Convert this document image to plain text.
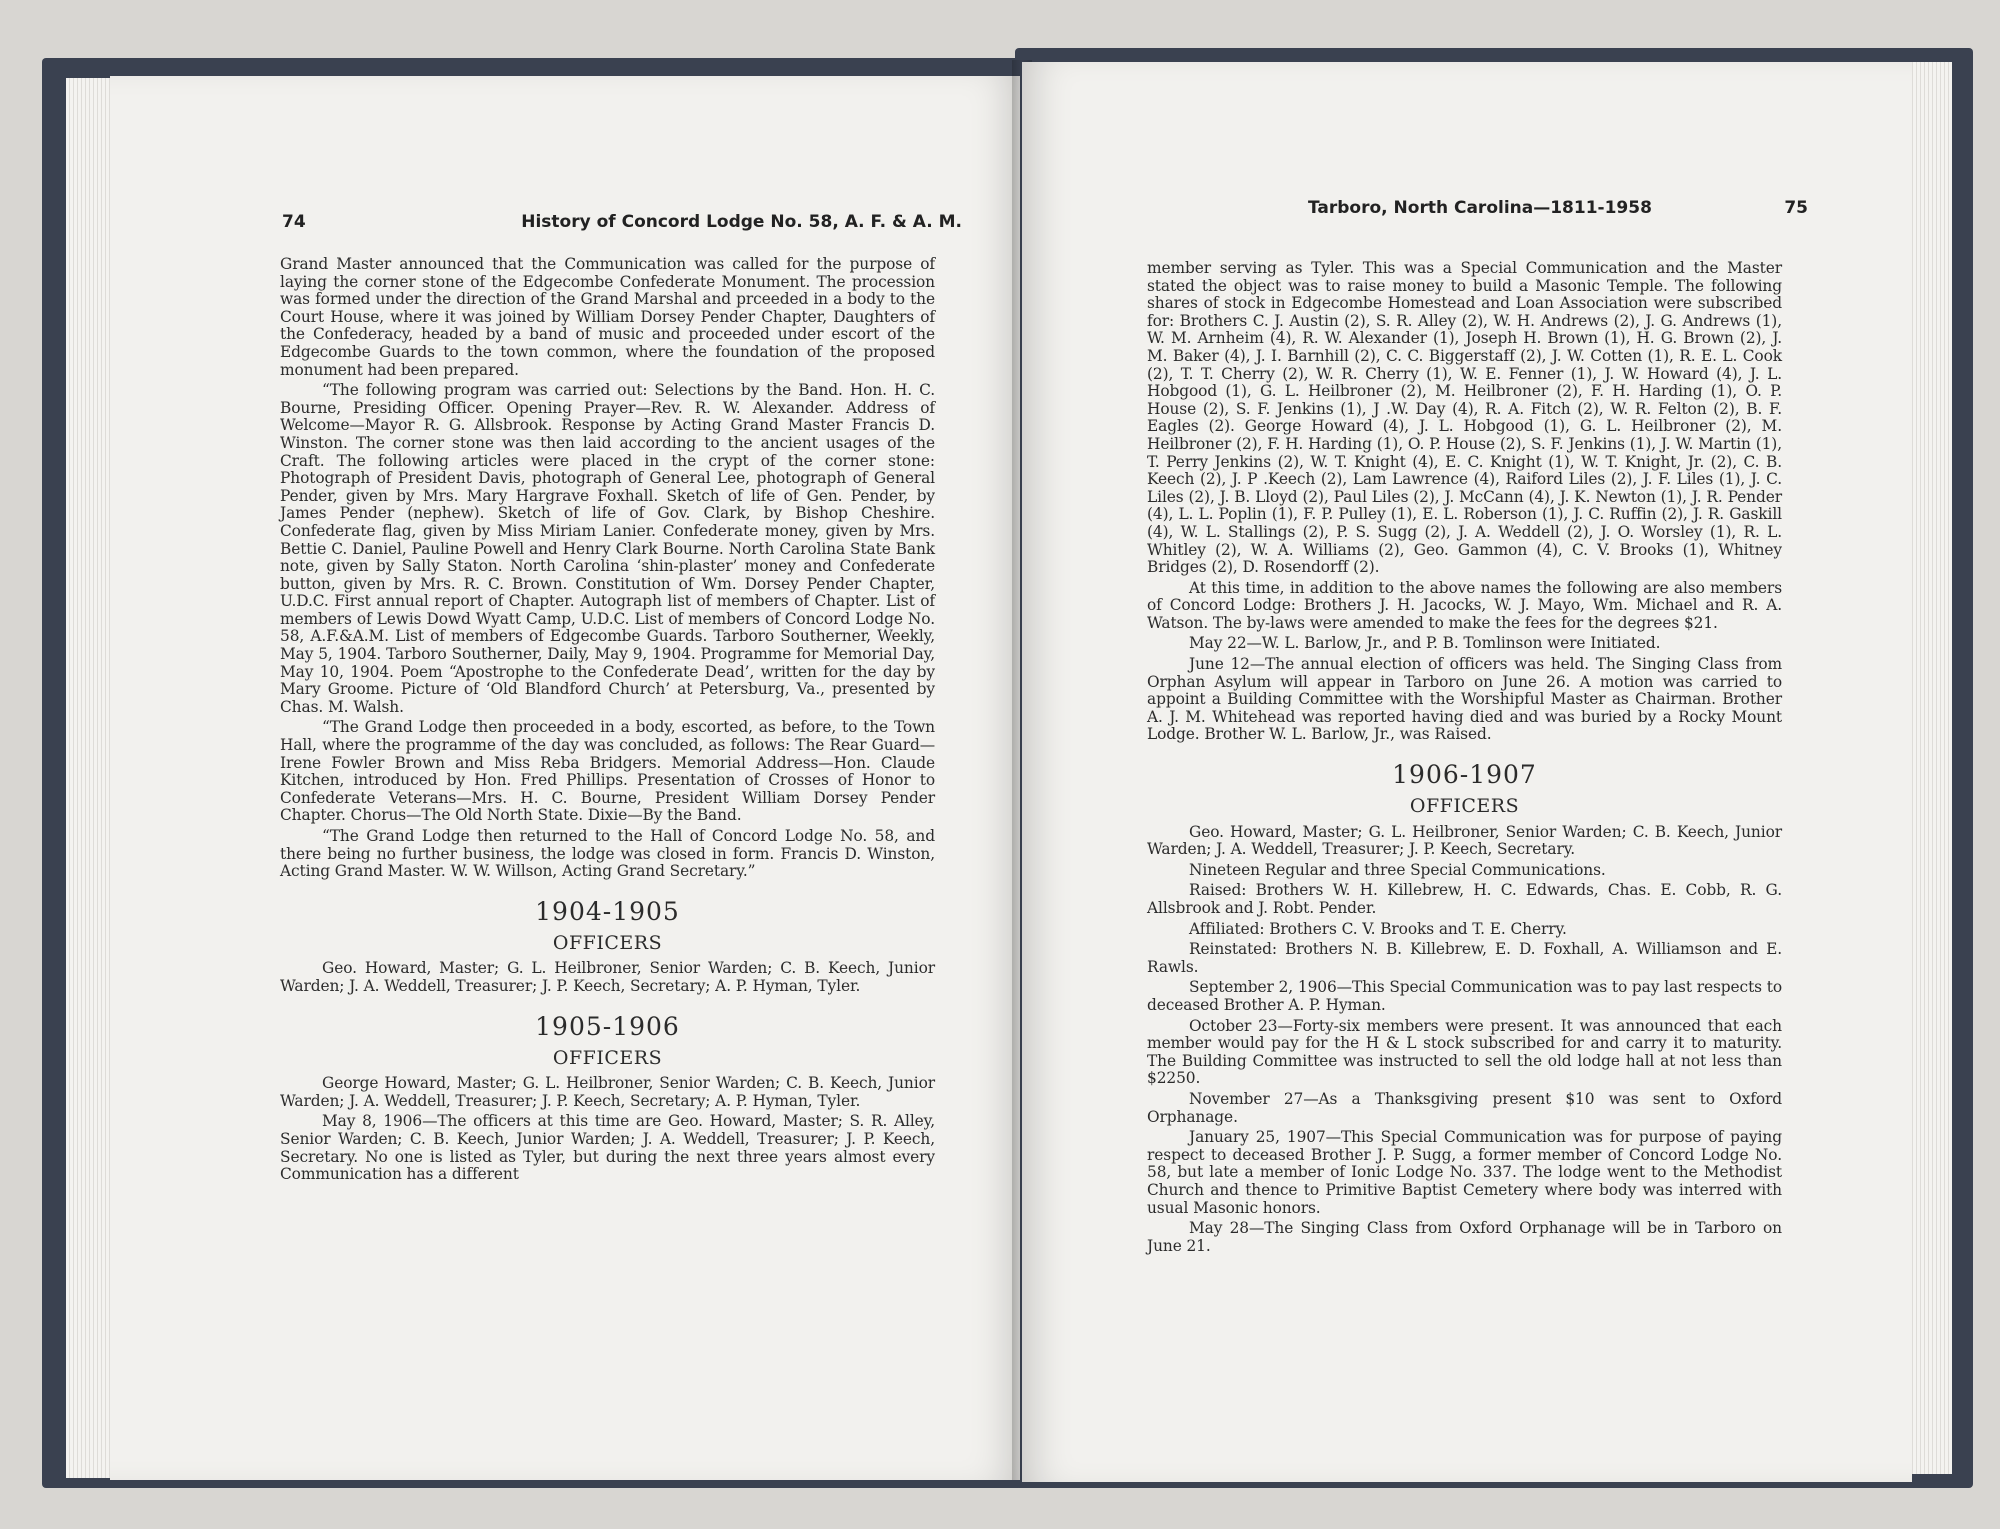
74	History of Concord Lodge No. 58, A. F. & A. M.

Grand Master announced that the Communication was called for the purpose of laying the corner stone of the Edgecombe Confederate Monument. The procession was formed under the direction of the Grand Marshal and prceeded in a body to the Court House, where it was joined by William Dorsey Pender Chapter, Daughters of the Confederacy, headed by a band of music and proceeded under escort of the Edgecombe Guards to the town common, where the foundation of the proposed monument had been prepared.

“The following program was carried out: Selections by the Band. Hon. H. C. Bourne, Presiding Officer. Opening Prayer—Rev. R. W. Alexander. Address of Welcome—Mayor R. G. Allsbrook. Response by Acting Grand Master Francis D. Winston. The corner stone was then laid according to the ancient usages of the Craft. The following articles were placed in the crypt of the corner stone: Photograph of President Davis, photograph of General Lee, photograph of General Pender, given by Mrs. Mary Hargrave Foxhall. Sketch of life of Gen. Pender, by James Pender (nephew). Sketch of life of Gov. Clark, by Bishop Cheshire. Confederate flag, given by Miss Miriam Lanier. Confederate money, given by Mrs. Bettie C. Daniel, Pauline Powell and Henry Clark Bourne. North Carolina State Bank note, given by Sally Staton. North Carolina ‘shin-plaster’ money and Confederate button, given by Mrs. R. C. Brown. Constitution of Wm. Dorsey Pender Chapter, U.D.C. First annual report of Chapter. Autograph list of members of Chapter. List of members of Lewis Dowd Wyatt Camp, U.D.C. List of members of Concord Lodge No. 58, A.F.&A.M. List of members of Edgecombe Guards. Tarboro Southerner, Weekly, May 5, 1904. Tarboro Southerner, Daily, May 9, 1904. Programme for Memorial Day, May 10, 1904. Poem “Apostrophe to the Confederate Dead’, written for the day by Mary Groome. Picture of ‘Old Blandford Church’ at Petersburg, Va., presented by Chas. M. Walsh.

“The Grand Lodge then proceeded in a body, escorted, as before, to the Town Hall, where the programme of the day was concluded, as follows: The Rear Guard—Irene Fowler Brown and Miss Reba Bridgers. Memorial Address—Hon. Claude Kitchen, introduced by Hon. Fred Phillips. Presentation of Crosses of Honor to Confederate Veterans—Mrs. H. C. Bourne, President William Dorsey Pender Chapter. Chorus—The Old North State. Dixie—By the Band.

“The Grand Lodge then returned to the Hall of Concord Lodge No. 58, and there being no further business, the lodge was closed in form. Francis D. Winston, Acting Grand Master. W. W. Willson, Acting Grand Secretary.”

1904-1905
OFFICERS

Geo. Howard, Master; G. L. Heilbroner, Senior Warden; C. B. Keech, Junior Warden; J. A. Weddell, Treasurer; J. P. Keech, Secretary; A. P. Hyman, Tyler.

1905-1906
OFFICERS

George Howard, Master; G. L. Heilbroner, Senior Warden; C. B. Keech, Junior Warden; J. A. Weddell, Treasurer; J. P. Keech, Secretary; A. P. Hyman, Tyler.

May 8, 1906—The officers at this time are Geo. Howard, Master; S. R. Alley, Senior Warden; C. B. Keech, Junior Warden; J. A. Weddell, Treasurer; J. P. Keech, Secretary. No one is listed as Tyler, but during the next three years almost every Communication has a different

Tarboro, North Carolina—1811-1958	75

member serving as Tyler. This was a Special Communication and the Master stated the object was to raise money to build a Masonic Temple. The following shares of stock in Edgecombe Homestead and Loan Association were subscribed for: Brothers C. J. Austin (2), S. R. Alley (2), W. H. Andrews (2), J. G. Andrews (1), W. M. Arnheim (4), R. W. Alexander (1), Joseph H. Brown (1), H. G. Brown (2), J. M. Baker (4), J. I. Barnhill (2), C. C. Biggerstaff (2), J. W. Cotten (1), R. E. L. Cook (2), T. T. Cherry (2), W. R. Cherry (1), W. E. Fenner (1), J. W. Howard (4), J. L. Hobgood (1), G. L. Heilbroner (2), M. Heilbroner (2), F. H. Harding (1), O. P. House (2), S. F. Jenkins (1), J .W. Day (4), R. A. Fitch (2), W. R. Felton (2), B. F. Eagles (2). George Howard (4), J. L. Hobgood (1), G. L. Heilbroner (2), M. Heilbroner (2), F. H. Harding (1), O. P. House (2), S. F. Jenkins (1), J. W. Martin (1), T. Perry Jenkins (2), W. T. Knight (4), E. C. Knight (1), W. T. Knight, Jr. (2), C. B. Keech (2), J. P .Keech (2), Lam Lawrence (4), Raiford Liles (2), J. F. Liles (1), J. C. Liles (2), J. B. Lloyd (2), Paul Liles (2), J. McCann (4), J. K. Newton (1), J. R. Pender (4), L. L. Poplin (1), F. P. Pulley (1), E. L. Roberson (1), J. C. Ruffin (2), J. R. Gaskill (4), W. L. Stallings (2), P. S. Sugg (2), J. A. Weddell (2), J. O. Worsley (1), R. L. Whitley (2), W. A. Williams (2), Geo. Gammon (4), C. V. Brooks (1), Whitney Bridges (2), D. Rosendorff (2).

At this time, in addition to the above names the following are also members of Concord Lodge: Brothers J. H. Jacocks, W. J. Mayo, Wm. Michael and R. A. Watson. The by-laws were amended to make the fees for the degrees $21.

May 22—W. L. Barlow, Jr., and P. B. Tomlinson were Initiated.

June 12—The annual election of officers was held. The Singing Class from Orphan Asylum will appear in Tarboro on June 26. A motion was carried to appoint a Building Committee with the Worshipful Master as Chairman. Brother A. J. M. Whitehead was reported having died and was buried by a Rocky Mount Lodge. Brother W. L. Barlow, Jr., was Raised.

1906-1907
OFFICERS

Geo. Howard, Master; G. L. Heilbroner, Senior Warden; C. B. Keech, Junior Warden; J. A. Weddell, Treasurer; J. P. Keech, Secretary.

Nineteen Regular and three Special Communications.

Raised: Brothers W. H. Killebrew, H. C. Edwards, Chas. E. Cobb, R. G. Allsbrook and J. Robt. Pender.

Affiliated: Brothers C. V. Brooks and T. E. Cherry.

Reinstated: Brothers N. B. Killebrew, E. D. Foxhall, A. Williamson and E. Rawls.

September 2, 1906—This Special Communication was to pay last respects to deceased Brother A. P. Hyman.

October 23—Forty-six members were present. It was announced that each member would pay for the H & L stock subscribed for and carry it to maturity. The Building Committee was instructed to sell the old lodge hall at not less than $2250.

November 27—As a Thanksgiving present $10 was sent to Oxford Orphanage.

January 25, 1907—This Special Communication was for purpose of paying respect to deceased Brother J. P. Sugg, a former member of Concord Lodge No. 58, but late a member of Ionic Lodge No. 337. The lodge went to the Methodist Church and thence to Primitive Baptist Cemetery where body was interred with usual Masonic honors.

May 28—The Singing Class from Oxford Orphanage will be in Tarboro on June 21.
